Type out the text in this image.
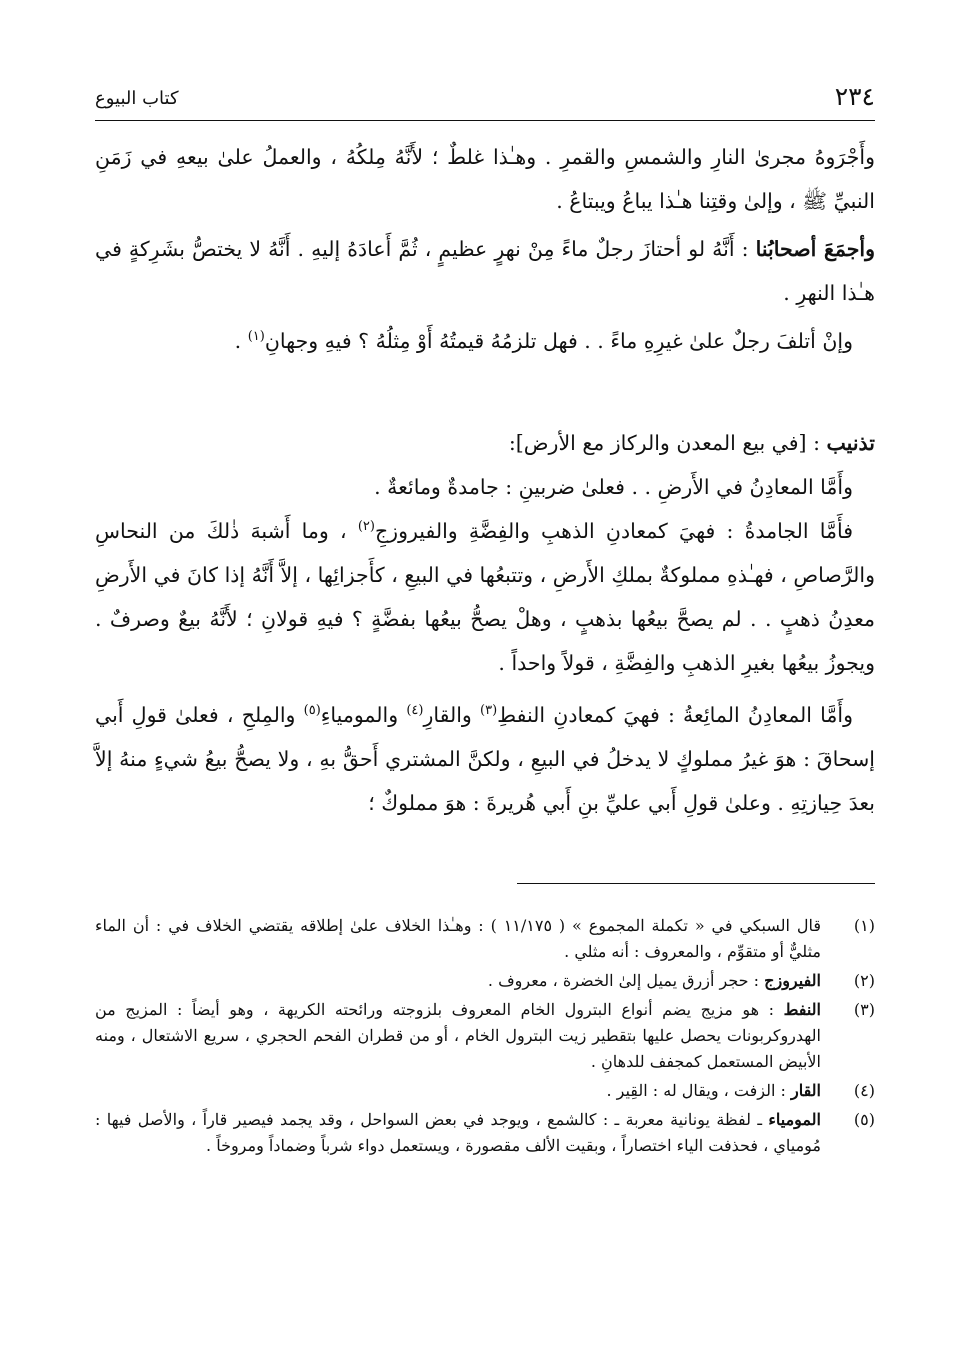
٢٣٤
كتاب البيوع

وأَجْرَوهُ مجرىٰ النارِ والشمسِ والقمرِ . وهـٰذا غلطٌ ؛ لأَنَّهُ مِلكُهُ ، والعملُ علىٰ بيعهِ في زَمَنِ النبيِّ ﷺ ، وإلىٰ وقتِنا هـٰذا يباعُ ويبتاعُ .

وأجمَعَ أصحابُنا : أَنَّهُ لو أحتازَ رجلٌ ماءً مِنْ نهرٍ عظيمٍ ، ثُمَّ أَعادَهُ إليهِ . أَنَّهُ لا يختصُّ بشَرِكةٍ في هـٰذا النهرِ .

وإنْ أتلفَ رجلٌ علىٰ غيرِهِ ماءً . . فهل تلزمُهُ قيمتُهُ أَوْ مِثلُهُ ؟ فيهِ وجهانِ$^{(١)}$ .

تذنيب : [في بيع المعدن والركاز مع الأرض]:

وأَمَّا المعادِنُ في الأَرضِ . . فعلىٰ ضربينِ : جامدةٌ ومائعةٌ .

فأَمَّا الجامدةُ : فهيَ كمعادنِ الذهبِ والفِضَّةِ والفيروزجِ$^{(٢)}$ ، وما أَشبهَ ذٰلكَ من النحاسِ والرَّصاصِ ، فهـٰذهِ مملوكةٌ بملكِ الأَرضِ ، وتتبعُها في البيعِ ، كأَجزائِها ، إلاَّ أَنَّهُ إذا كانَ في الأَرضِ معدِنُ ذهبٍ . . لم يصحَّ بيعُها بذهبٍ ، وهلْ يصحُّ بيعُها بفضَّةٍ ؟ فيهِ قولانِ ؛ لأَنَّهُ بيعٌ وصرفٌ . ويجوزُ بيعُها بغيرِ الذهبِ والفِضَّةِ ، قولاً واحداً .

وأَمَّا المعادِنُ المائِعةُ : فهيَ كمعادنِ النفطِ$^{(٣)}$ والقارِ$^{(٤)}$ والمومياءِ$^{(٥)}$ والمِلحِ ، فعلىٰ قولِ أَبي إسحاقَ : هوَ غيرُ مملوكٍ لا يدخلُ في البيعِ ، ولكنَّ المشتري أَحقُّ بهِ ، ولا يصحُّ بيعُ شيءٍ منهُ إلاَّ بعدَ حِيازتِهِ . وعلىٰ قولِ أَبي عليِّ بنِ أَبي هُريرةَ : هوَ مملوكٌ ؛

(١)
قال السبكي في « تكملة المجموع » ( ١١/١٧٥ ) : وهـٰذا الخلاف علىٰ إطلاقه يقتضي الخلاف في : أن الماء مثليٌّ أو متقوِّم ، والمعروف : أنه مثلي .
(٢)
الفيروزج : حجر أزرق يميل إلىٰ الخضرة ، معروف .
(٣)
النفط : هو مزيج يضم أنواع البترول الخام المعروف بلزوجته ورائحته الكريهة ، وهو أيضاً : المزيج من الهدروكربونات يحصل عليها بتقطير زيت البترول الخام ، أو من قطران الفحم الحجري ، سريع الاشتعال ، ومنه الأبيض المستعمل كمجفف للدهانِ .
(٤)
القار : الزفت ، ويقال له : القِير .
(٥)
المومياء ـ لفظة يونانية معربة ـ : كالشمع ، ويوجد في بعض السواحل ، وقد يجمد فيصير قاراً ، والأصل فيها : مُومياي ، فحذفت الياء اختصاراً ، وبقيت الألف مقصورة ، ويستعمل دواء شرباً وضماداً ومروخاً .
